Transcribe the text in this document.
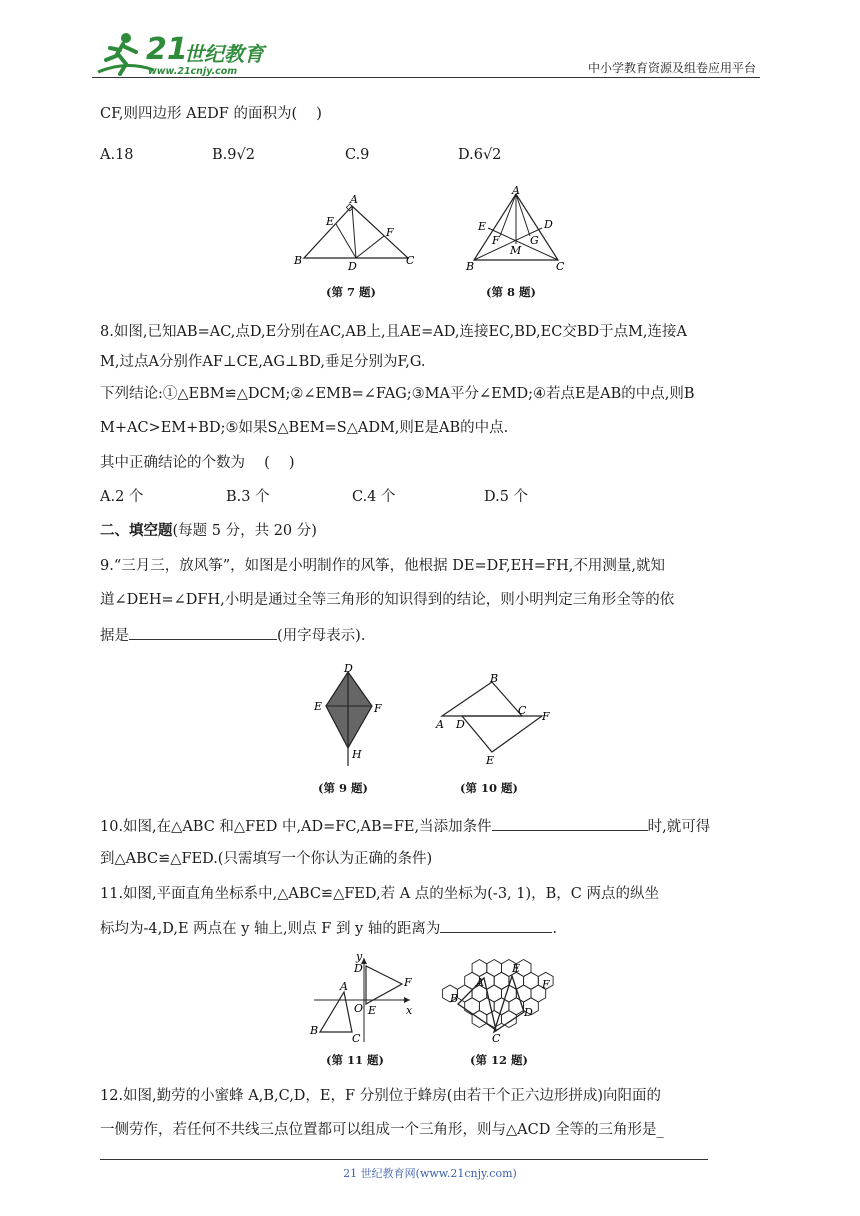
21
世纪教育
www.21cnjy.com	中小学教育资源及组卷应用平台
CF,则四边形 AEDF 的面积为(　 )
A.18	B.9√2	C.9	D.6√2
A
E
F
B	D	C
(第 7 题)
A
E	D
F	G
M
B	C
(第 8 题)
8.如图,已知AB=AC,点D,E分别在AC,AB上,且AE=AD,连接EC,BD,EC交BD于点M,连接A
M,过点A分别作AF⊥CE,AG⊥BD,垂足分别为F,G.
下列结论:①△EBM≌△DCM;②∠EMB=∠FAG;③MA平分∠EMD;④若点E是AB的中点,则B
M+AC>EM+BD;⑤如果S△BEM=S△ADM,则E是AB的中点.
其中正确结论的个数为　 (　 )
A.2 个	B.3 个	C.4 个	D.5 个
二、填空题(每题 5 分，共 20 分)
9.“三月三，放风筝”，如图是小明制作的风筝，他根据 DE=DF,EH=FH,不用测量,就知
道∠DEH=∠DFH,小明是通过全等三角形的知识得到的结论，则小明判定三角形全等的依
据是	(用字母表示).
D
E	F
H
(第 9 题)
B
C F
A D
E
(第 10 题)
10.如图,在△ABC 和△FED 中,AD=FC,AB=FE,当添加条件	时,就可得
到△ABC≌△FED.(只需填写一个你认为正确的条件)
11.如图,平面直角坐标系中,△ABC≌△FED,若 A 点的坐标为(-3, 1)，B，C 两点的纵坐
标均为-4,D,E 两点在 y 轴上,则点 F 到 y 轴的距离为	.
y
D
F
A
O E	x
B
C
(第 11 题)
E
A	F
B
D
C
(第 12 题)
12.如图,勤劳的小蜜蜂 A,B,C,D，E，F 分别位于蜂房(由若干个正六边形拼成)向阳面的
一侧劳作，若任何不共线三点位置都可以组成一个三角形，则与△ACD 全等的三角形是_
21 世纪教育网(www.21cnjy.com)
